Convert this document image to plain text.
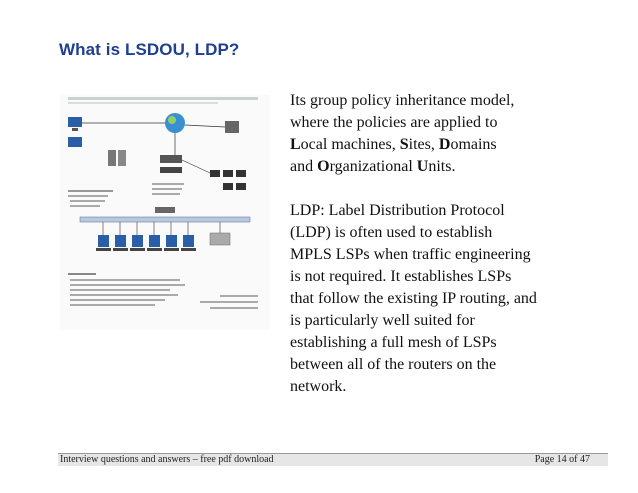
What is LSDOU, LDP?

Its group policy inheritance model,

where the policies are applied to

Local machines, Sites, Domains

and Organizational Units.

LDP: Label Distribution Protocol

(LDP) is often used to establish

MPLS LSPs when traffic engineering

is not required. It establishes LSPs

that follow the existing IP routing, and

is particularly well suited for

establishing a full mesh of LSPs

between all of the routers on the

network.

Interview questions and answers – free pdf download	Page 14 of 47
